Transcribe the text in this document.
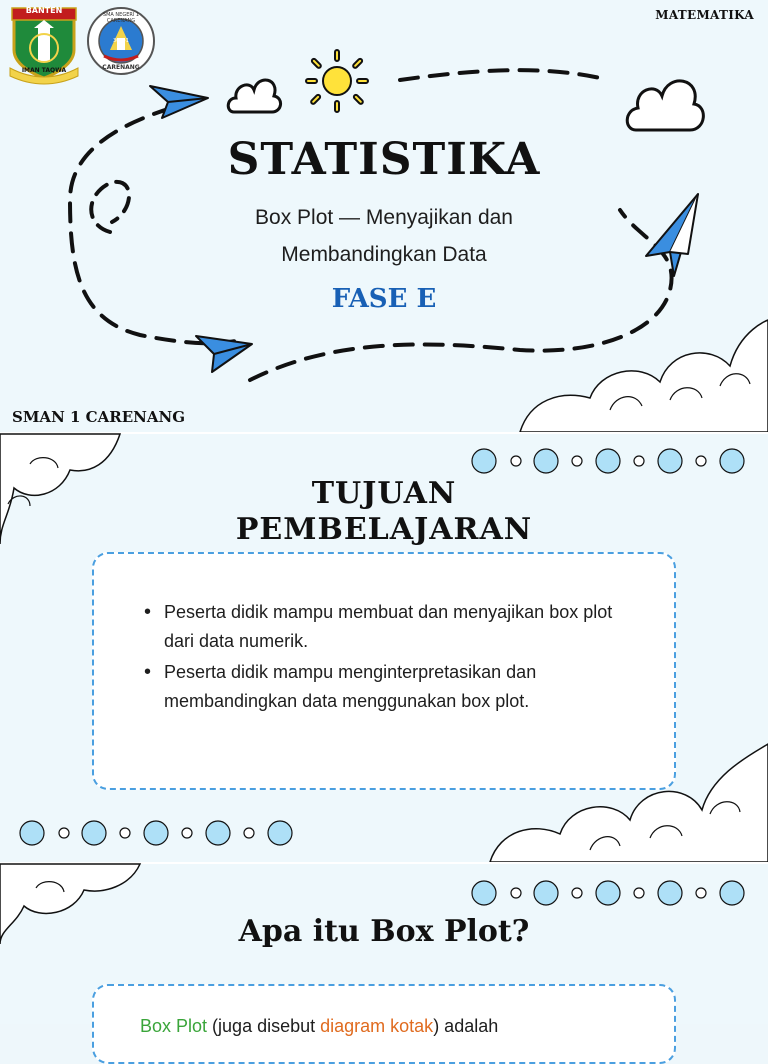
BANTEN
IMAN TAQWA
SMA NEGERI 1 CARENANG
30441
CARENANG
MATEMATIKA
STATISTIKA
Box Plot — Menyajikan dan
Membandingkan Data
FASE E
SMAN 1 CARENANG
TUJUAN
PEMBELAJARAN
• Peserta didik mampu membuat dan menyajikan box plot dari data numerik.
• Peserta didik mampu menginterpretasikan dan membandingkan data menggunakan box plot.
Apa itu Box Plot?
Box Plot (juga disebut diagram kotak) adalah
